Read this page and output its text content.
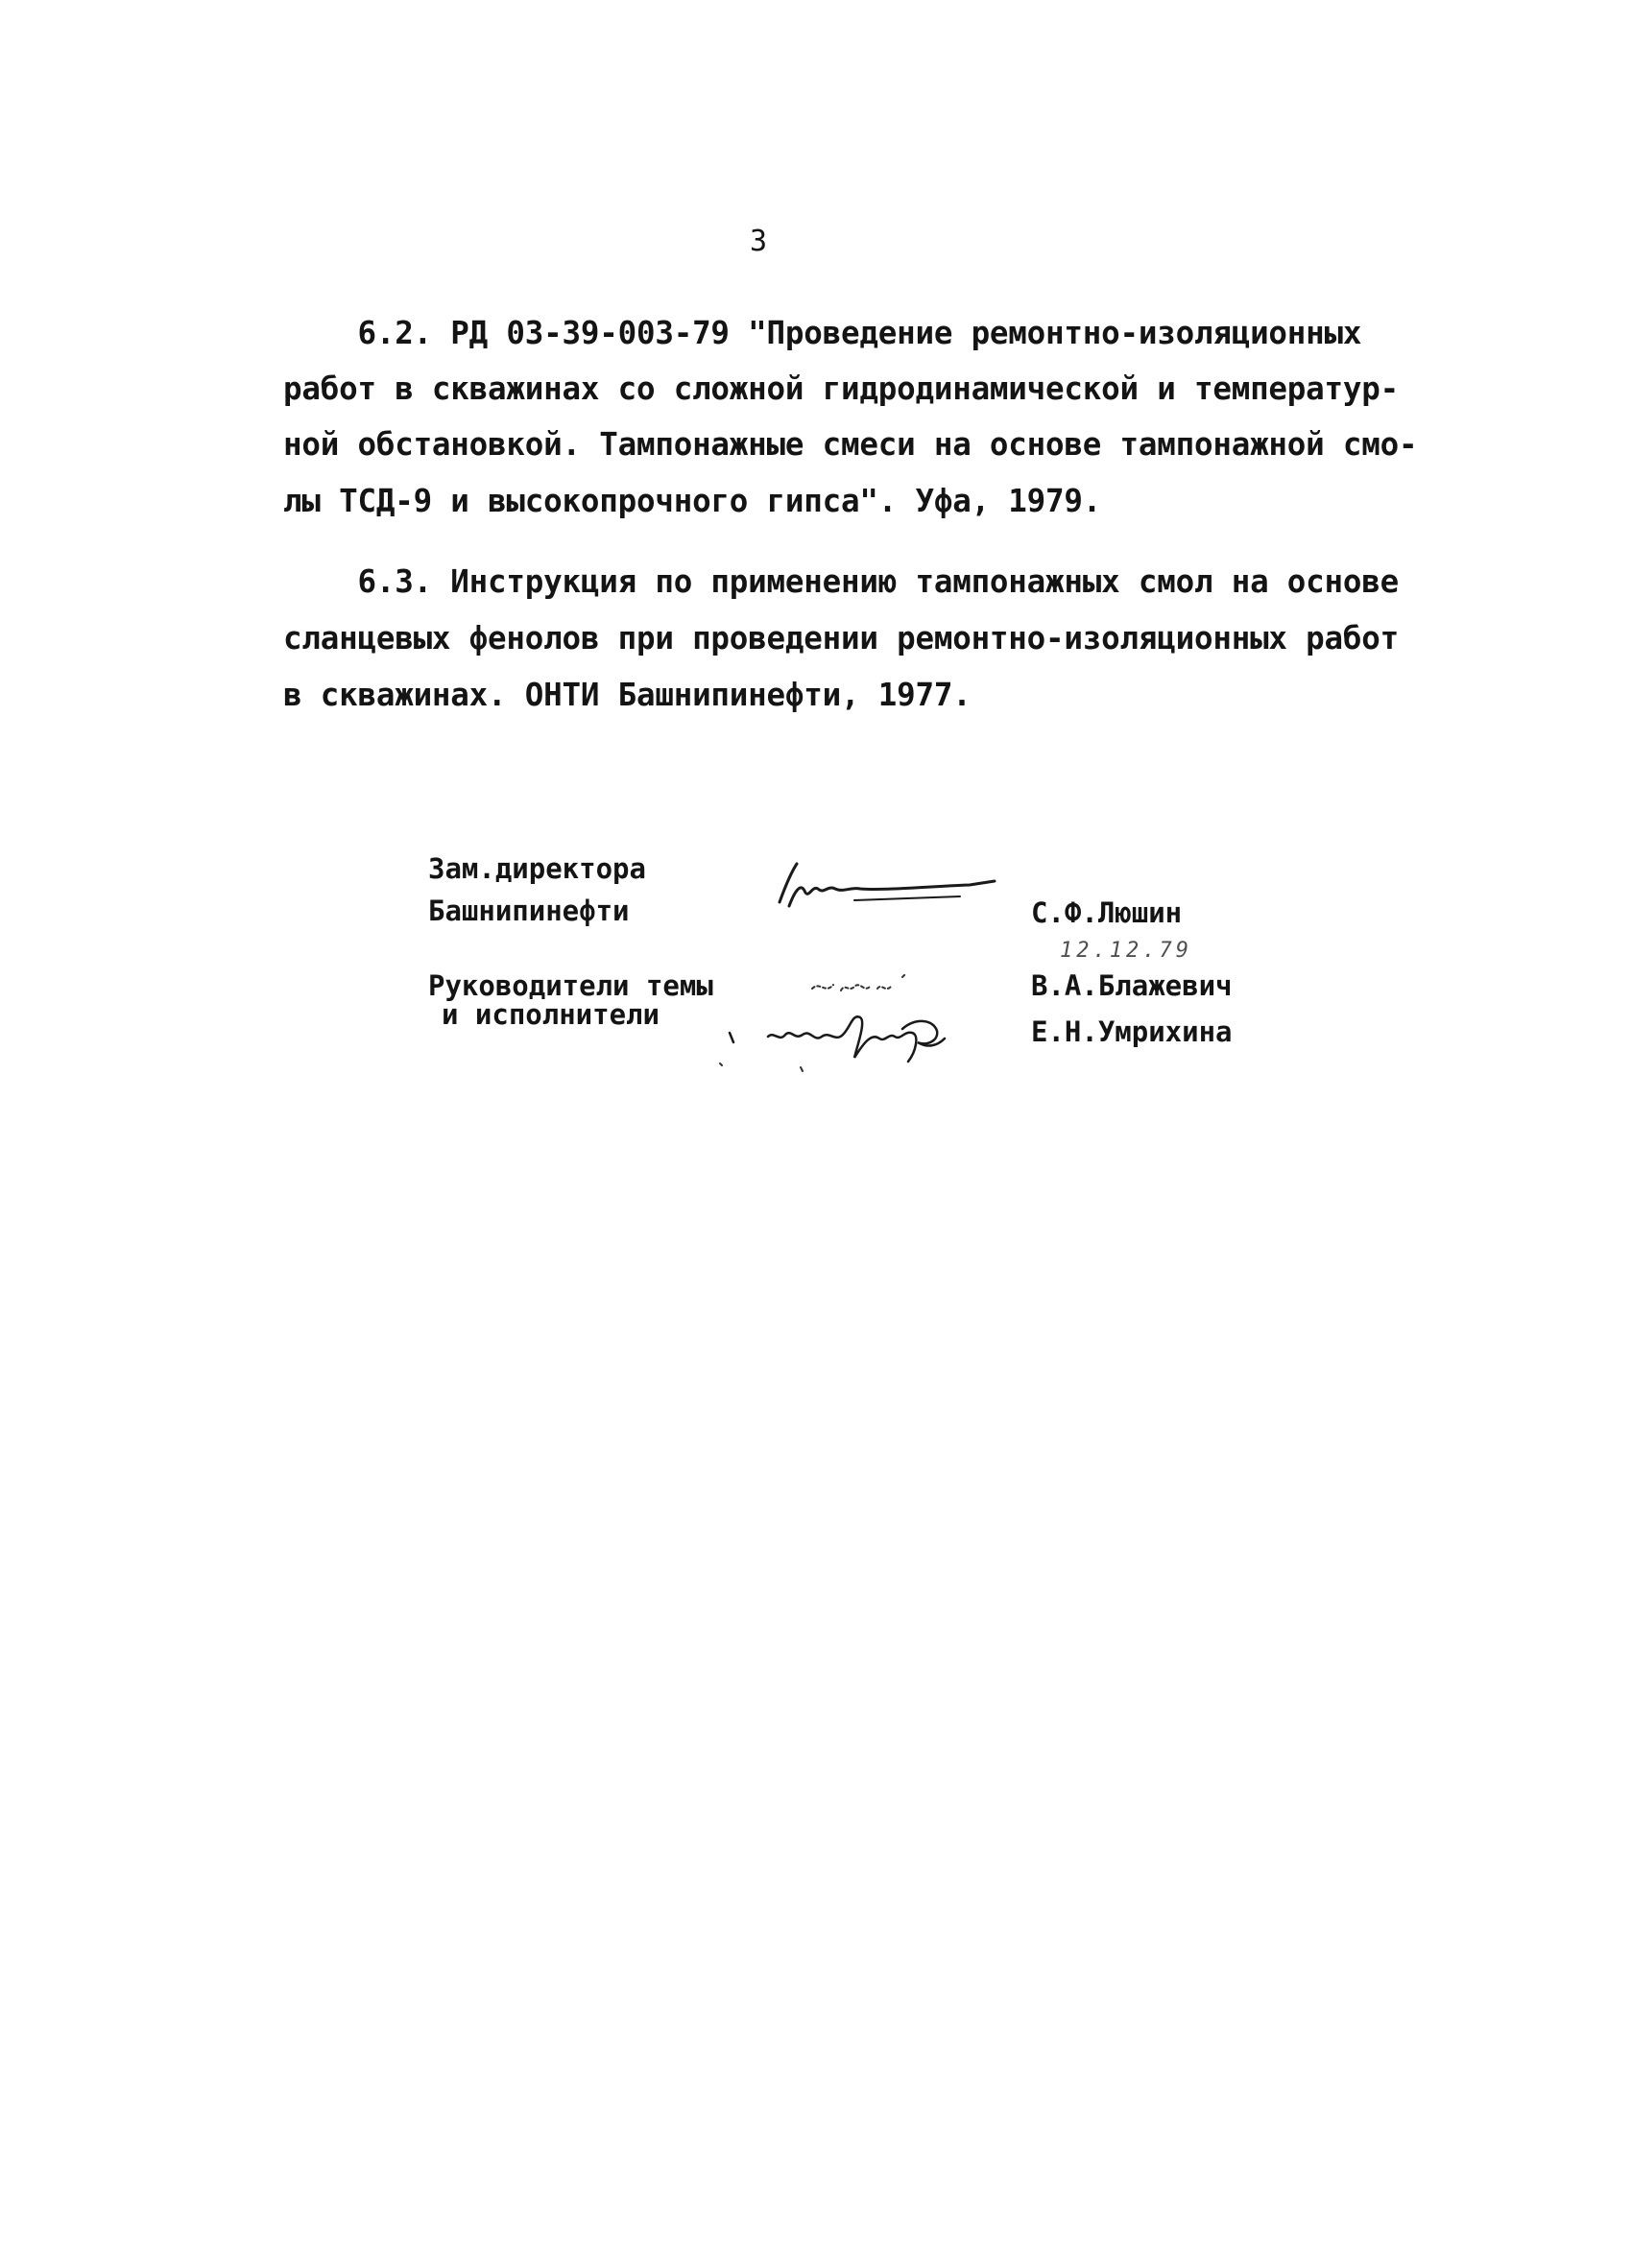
3
6.2. РД 03-39-003-79 "Проведение ремонтно-изоляционных
работ в скважинах со сложной гидродинамической и температур-
ной обстановкой. Тампонажные смеси на основе тампонажной смо-
лы ТСД-9 и высокопрочного гипса". Уфа, 1979.
6.3. Инструкция по применению тампонажных смол на основе
сланцевых фенолов при проведении ремонтно-изоляционных работ
в скважинах. ОНТИ Башнипинефти, 1977.
Зам.директора
Башнипинефти	С.Ф.Люшин
12.12.79
Руководители темы
и исполнители
В.А.Блажевич
Е.Н.Умрихина
